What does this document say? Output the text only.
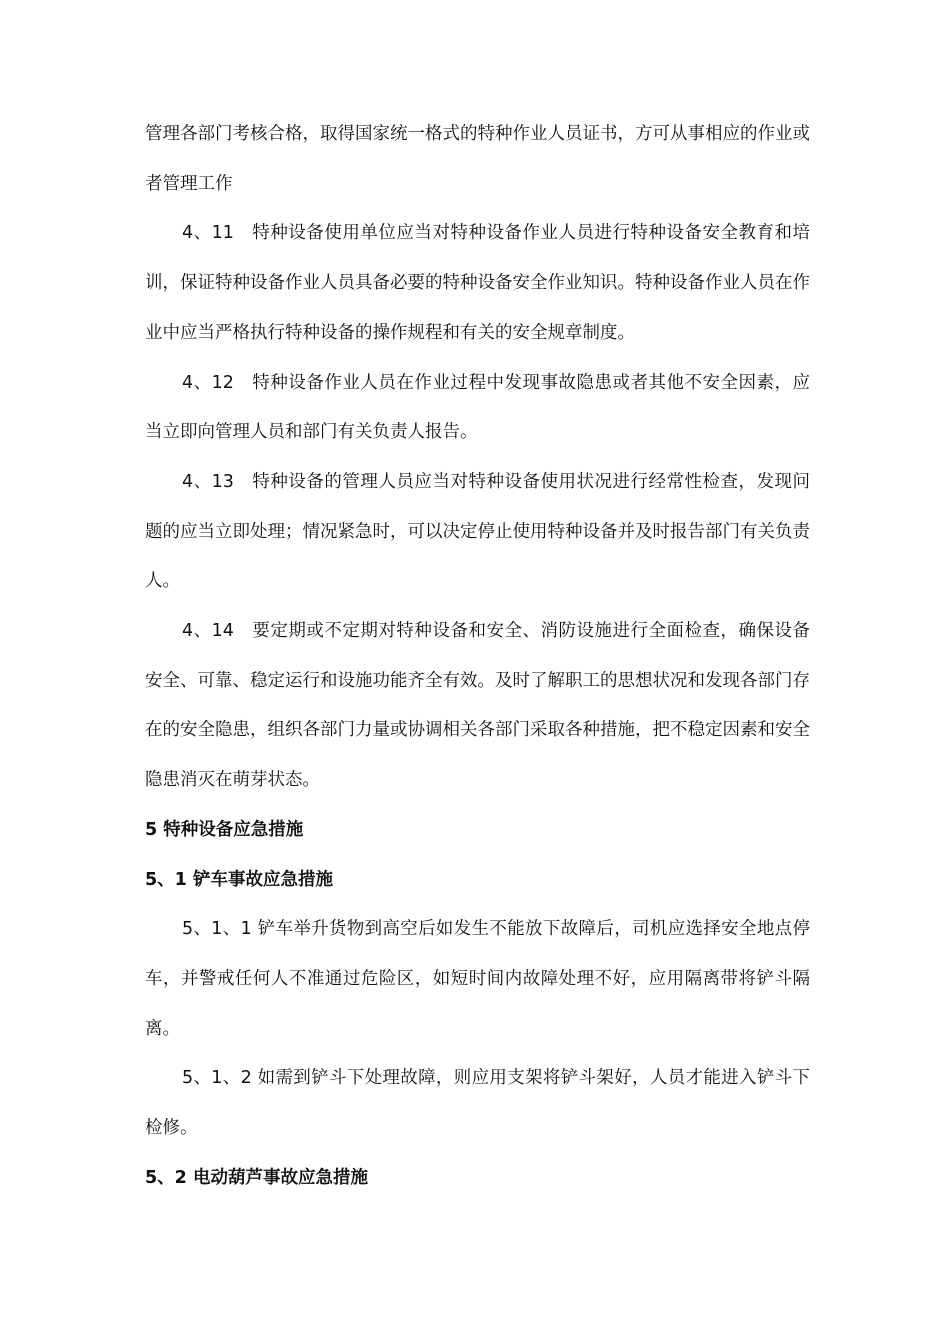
管理各部门考核合格，取得国家统一格式的特种作业人员证书，方可从事相应的作业或者管理工作

4、11　特种设备使用单位应当对特种设备作业人员进行特种设备安全教育和培训，保证特种设备作业人员具备必要的特种设备安全作业知识。特种设备作业人员在作业中应当严格执行特种设备的操作规程和有关的安全规章制度。

4、12　特种设备作业人员在作业过程中发现事故隐患或者其他不安全因素，应当立即向管理人员和部门有关负责人报告。

4、13　特种设备的管理人员应当对特种设备使用状况进行经常性检查，发现问题的应当立即处理；情况紧急时，可以决定停止使用特种设备并及时报告部门有关负责人。

4、14　要定期或不定期对特种设备和安全、消防设施进行全面检查，确保设备安全、可靠、稳定运行和设施功能齐全有效。及时了解职工的思想状况和发现各部门存在的安全隐患，组织各部门力量或协调相关各部门采取各种措施，把不稳定因素和安全隐患消灭在萌芽状态。

5 特种设备应急措施
5、1 铲车事故应急措施

5、1、1 铲车举升货物到高空后如发生不能放下故障后，司机应选择安全地点停车，并警戒任何人不准通过危险区，如短时间内故障处理不好，应用隔离带将铲斗隔离。

5、1、2 如需到铲斗下处理故障，则应用支架将铲斗架好，人员才能进入铲斗下检修。

5、2 电动葫芦事故应急措施
